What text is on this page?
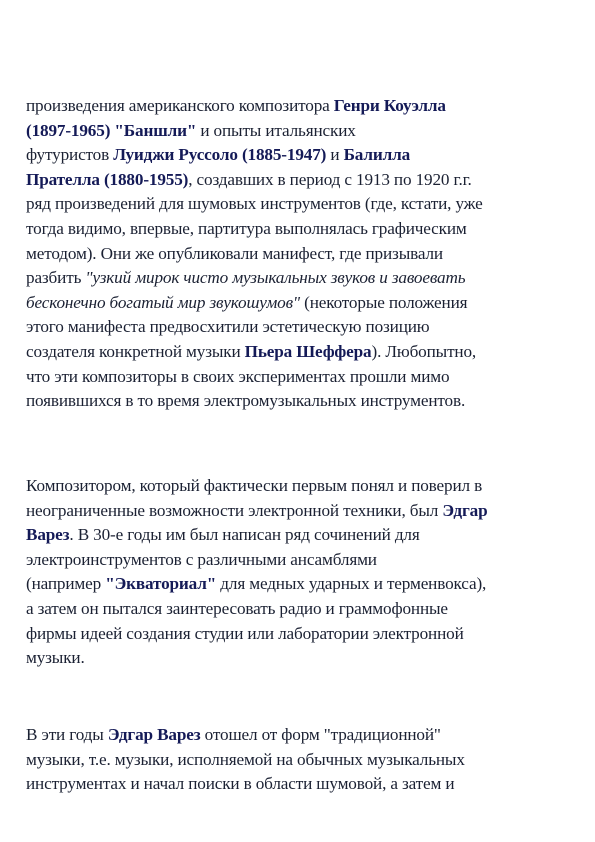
произведения американского композитора Генри Коуэлла
(1897-1965) "Баншли" и опыты итальянских
футуристов Луиджи Руссоло (1885-1947) и Балилла
Прателла (1880-1955), создавших в период с 1913 по 1920 г.г.
ряд произведений для шумовых инструментов (где, кстати, уже
тогда видимо, впервые, партитура выполнялась графическим
методом). Они же опубликовали манифест, где призывали
разбить "узкий мирок чисто музыкальных звуков и завоевать
бесконечно богатый мир звукошумов" (некоторые положения
этого манифеста предвосхитили эстетическую позицию
создателя конкретной музыки Пьера Шеффера). Любопытно,
что эти композиторы в своих экспериментах прошли мимо
появившихся в то время электромузыкальных инструментов.

Композитором, который фактически первым понял и поверил в
неограниченные возможности электронной техники, был Эдгар
Варез. В 30-е годы им был написан ряд сочинений для
электроинструментов с различными ансамблями
(например "Экваториал" для медных ударных и терменвокса),
а затем он пытался заинтересовать радио и граммофонные
фирмы идеей создания студии или лаборатории электронной
музыки.

В эти годы Эдгар Варез отошел от форм "традиционной"
музыки, т.е. музыки, исполняемой на обычных музыкальных
инструментах и начал поиски в области шумовой, а затем и
